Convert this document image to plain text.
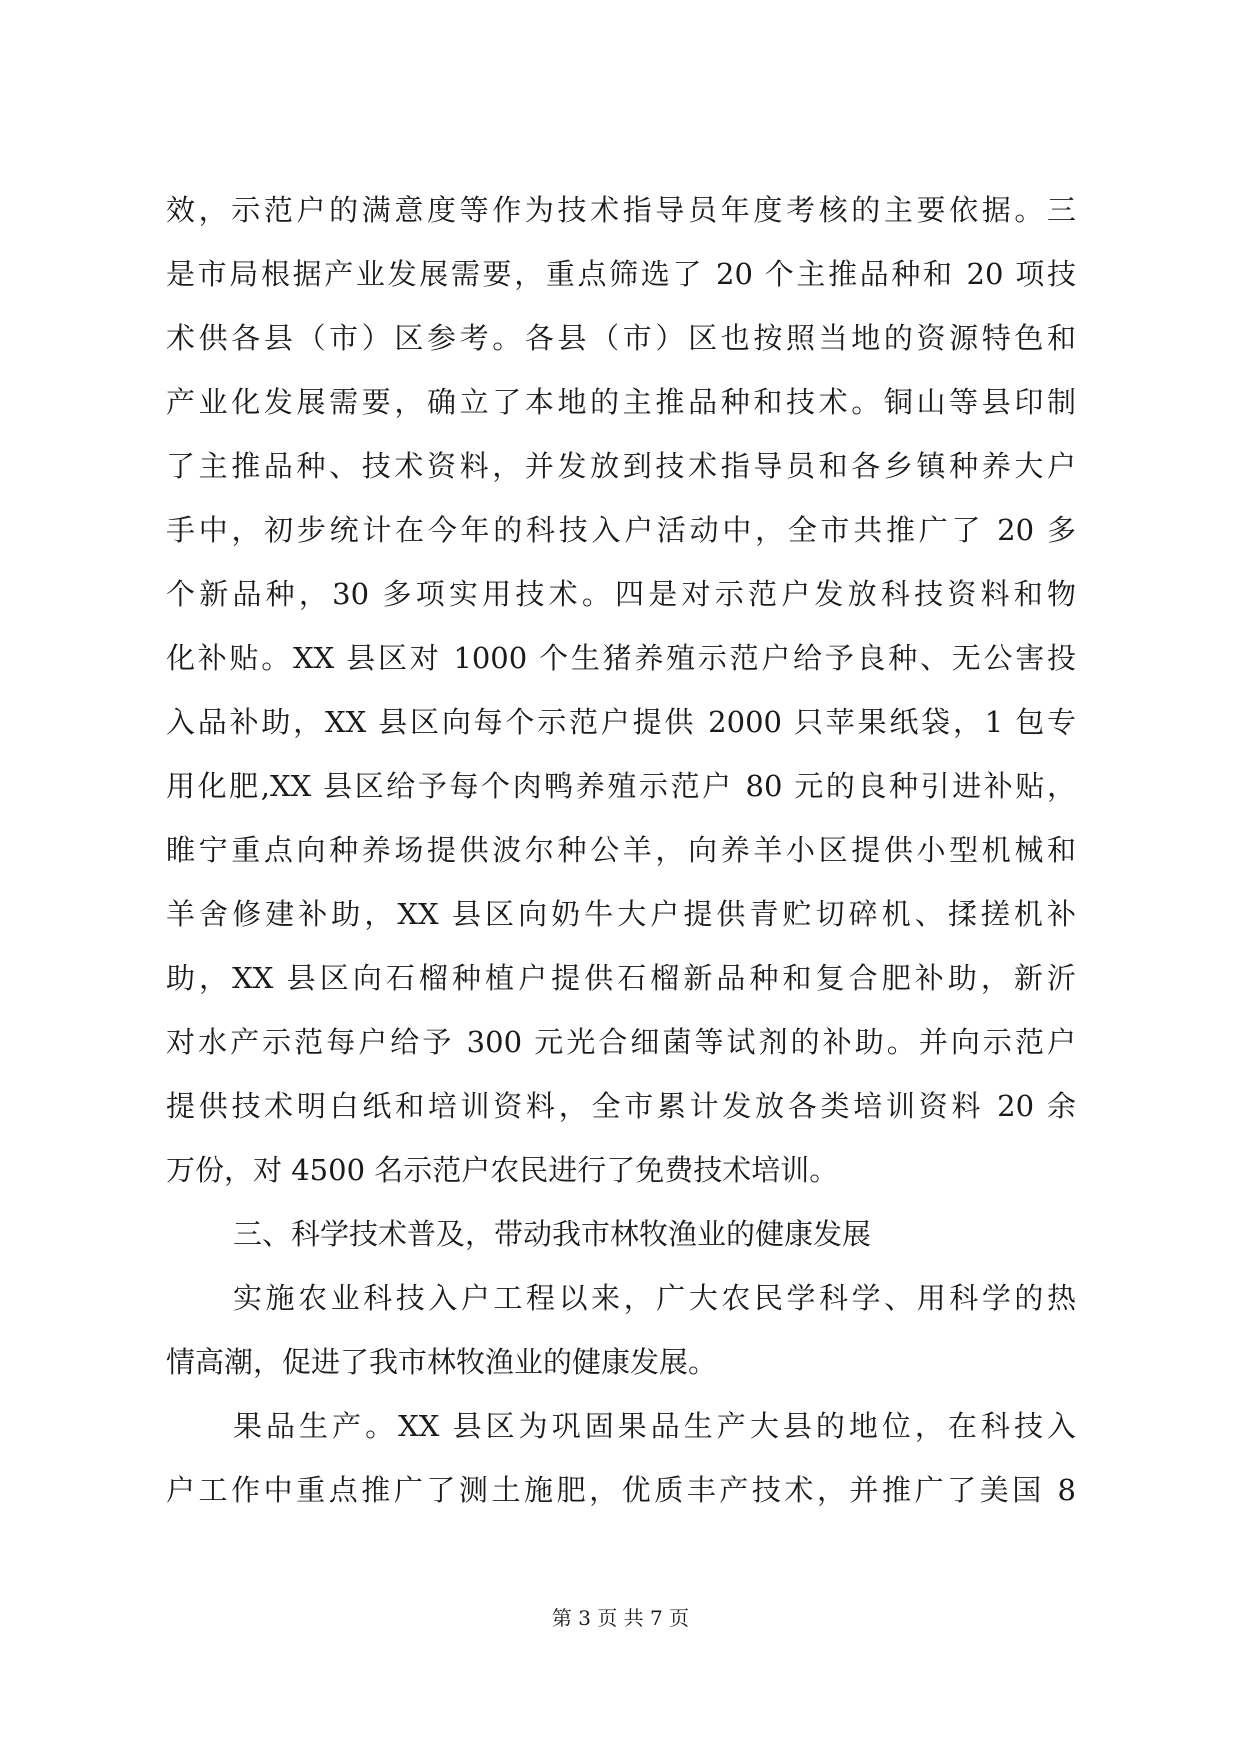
效，示范户的满意度等作为技术指导员年度考核的主要依据。三
是市局根据产业发展需要，重点筛选了 20 个主推品种和 20 项技
术供各县（市）区参考。各县（市）区也按照当地的资源特色和
产业化发展需要，确立了本地的主推品种和技术。铜山等县印制
了主推品种、技术资料，并发放到技术指导员和各乡镇种养大户
手中，初步统计在今年的科技入户活动中，全市共推广了 20 多
个新品种，30 多项实用技术。四是对示范户发放科技资料和物
化补贴。XX 县区对 1000 个生猪养殖示范户给予良种、无公害投
入品补助，XX 县区向每个示范户提供 2000 只苹果纸袋，1 包专
用化肥,XX 县区给予每个肉鸭养殖示范户 80 元的良种引进补贴，
睢宁重点向种养场提供波尔种公羊，向养羊小区提供小型机械和
羊舍修建补助，XX 县区向奶牛大户提供青贮切碎机、揉搓机补
助，XX 县区向石榴种植户提供石榴新品种和复合肥补助，新沂
对水产示范每户给予 300 元光合细菌等试剂的补助。并向示范户
提供技术明白纸和培训资料，全市累计发放各类培训资料 20 余
万份，对 4500 名示范户农民进行了免费技术培训。
三、科学技术普及，带动我市林牧渔业的健康发展
实施农业科技入户工程以来，广大农民学科学、用科学的热
情高潮，促进了我市林牧渔业的健康发展。
果品生产。XX 县区为巩固果品生产大县的地位，在科技入
户工作中重点推广了测土施肥，优质丰产技术，并推广了美国 8
第 3 页 共 7 页
